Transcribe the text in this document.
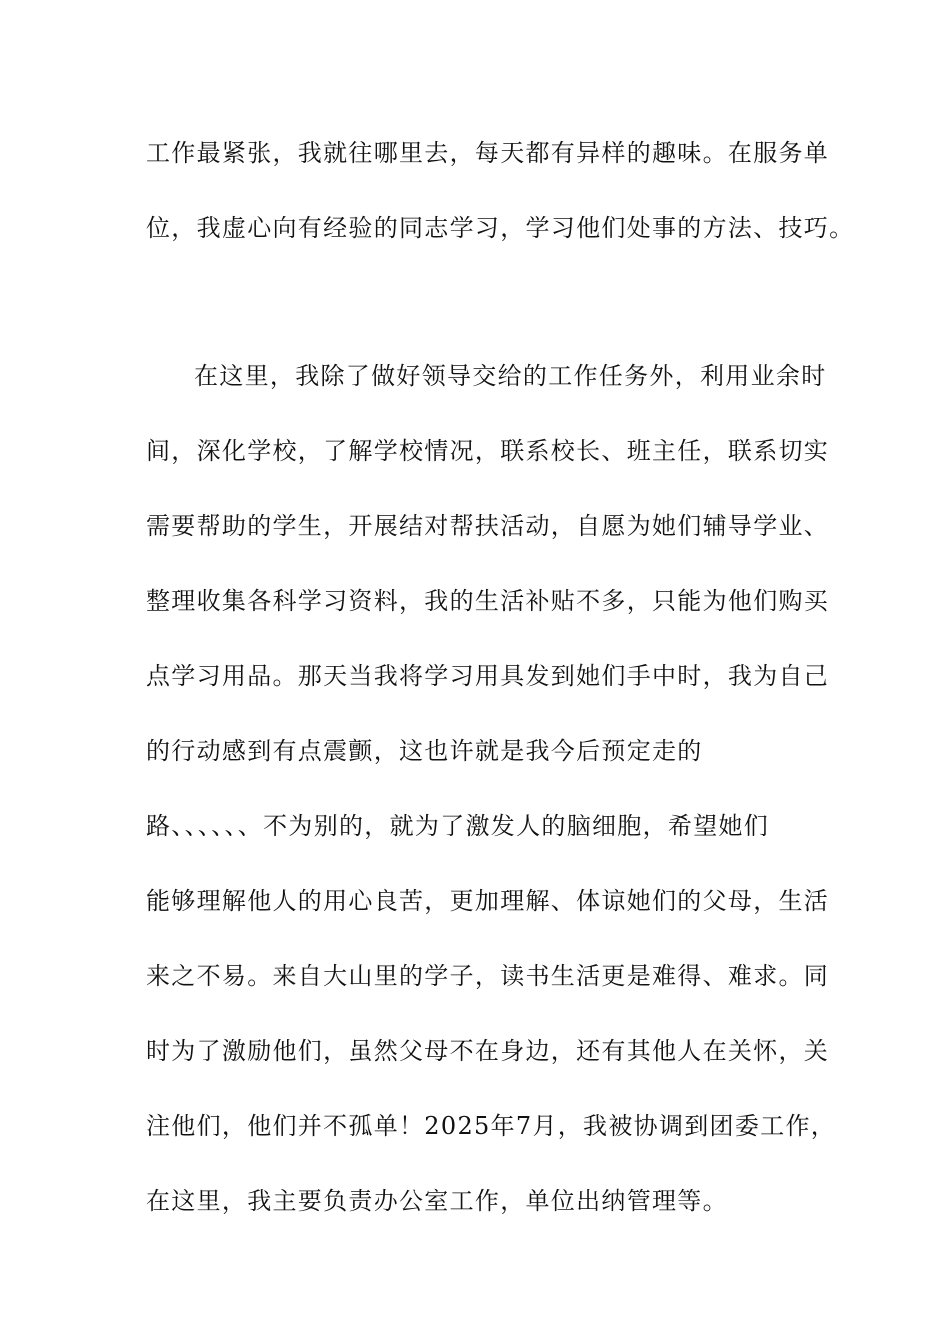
工作最紧张，我就往哪里去，每天都有异样的趣味。在服务单
位，我虚心向有经验的同志学习，学习他们处事的方法、技巧。
在这里，我除了做好领导交给的工作任务外，利用业余时
间，深化学校，了解学校情况，联系校长、班主任，联系切实
需要帮助的学生，开展结对帮扶活动，自愿为她们辅导学业、
整理收集各科学习资料，我的生活补贴不多，只能为他们购买
点学习用品。那天当我将学习用具发到她们手中时，我为自己
的行动感到有点震颤，这也许就是我今后预定走的
路、、、、、、不为别的，就为了激发人的脑细胞，希望她们
能够理解他人的用心良苦，更加理解、体谅她们的父母，生活
来之不易。来自大山里的学子，读书生活更是难得、难求。同
时为了激励他们，虽然父母不在身边，还有其他人在关怀，关
注他们，他们并不孤单！2025年7月，我被协调到团委工作，
在这里，我主要负责办公室工作，单位出纳管理等。
